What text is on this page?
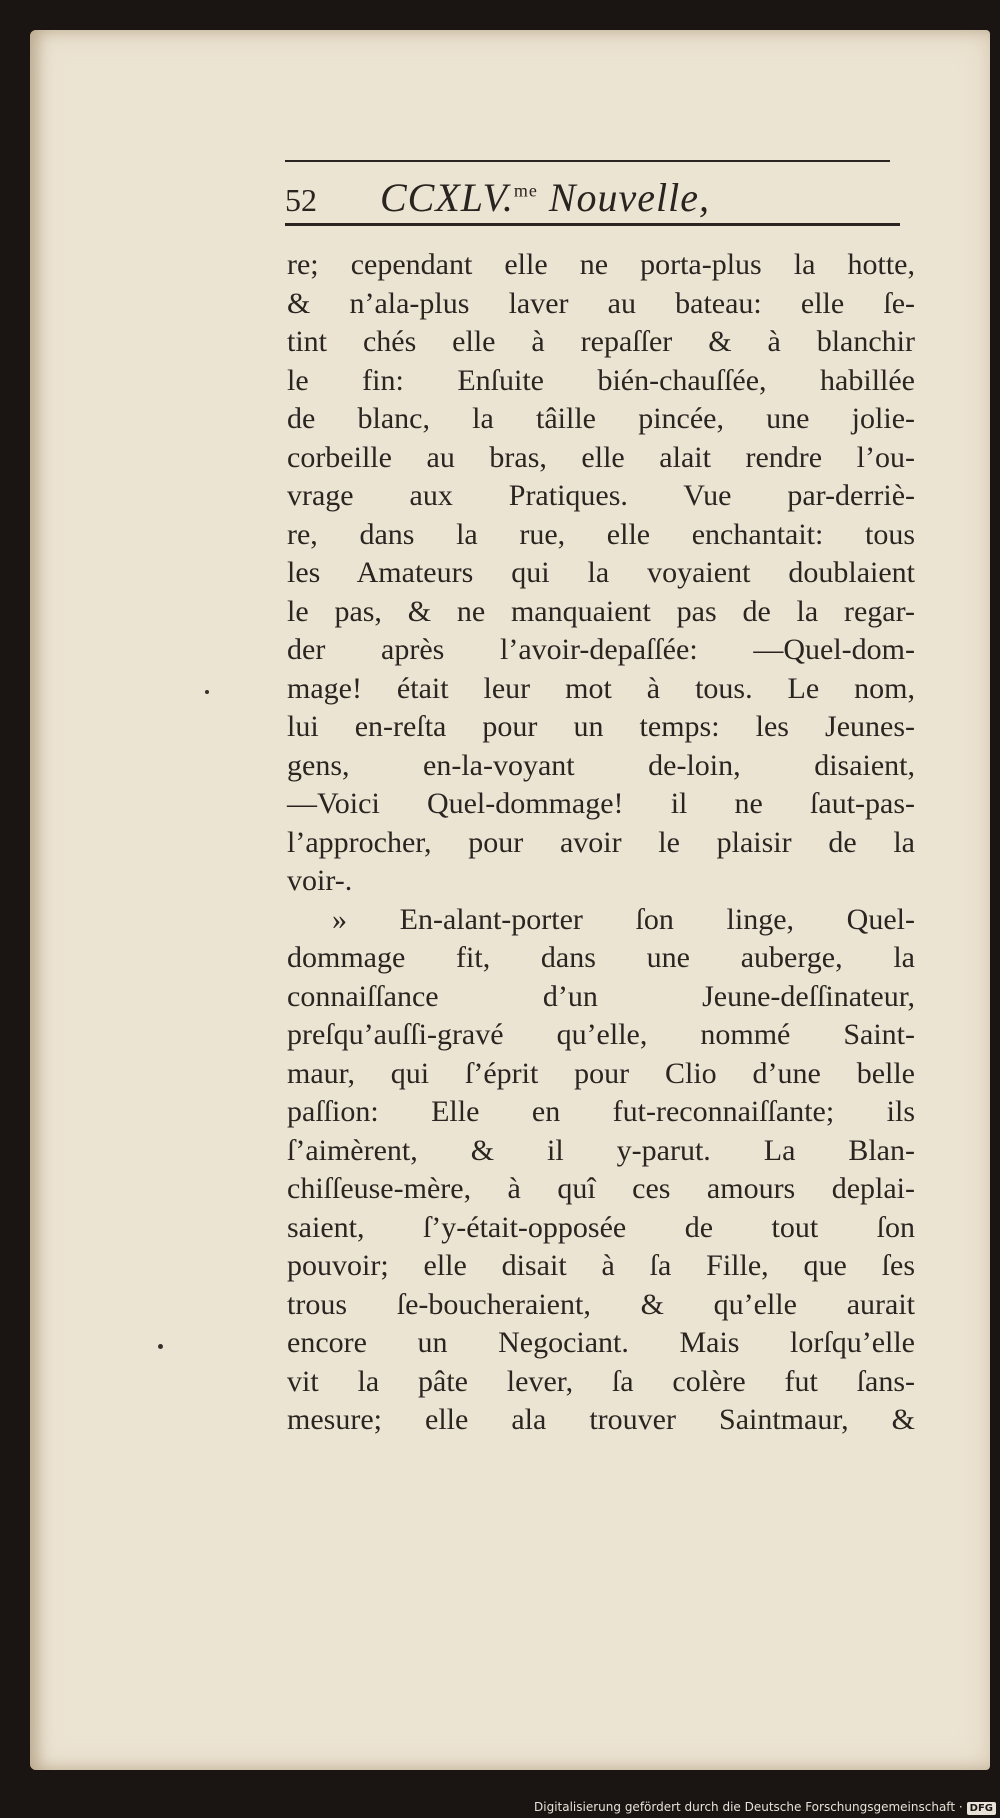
52 CCXLV.$^{me}$ Nouvelle,
re; cependant elle ne porta-plus la hotte,
& n’ala-plus laver au bateau: elle ſe-
tint chés elle à repaſſer & à blanchir
le fin: Enſuite bién-chauſſée, habillée
de blanc, la tâille pincée, une jolie-
corbeille au bras, elle alait rendre l’ou-
vrage aux Pratiques. Vue par-derriè-
re, dans la rue, elle enchantait: tous
les Amateurs qui la voyaient doublaient
le pas, & ne manquaient pas de la regar-
der après l’avoir-depaſſée: —Quel-dom-
mage! était leur mot à tous. Le nom,
lui en-reſta pour un temps: les Jeunes-
gens, en-la-voyant de-loin, disaient,
—Voici Quel-dommage! il ne ſaut-pas-
l’approcher, pour avoir le plaisir de la
voir-.
» En-alant-porter ſon linge, Quel-
dommage fit, dans une auberge, la
connaiſſance d’un Jeune-deſſinateur,
preſqu’auſſi-gravé qu’elle, nommé Saint-
maur, qui ſ’éprit pour Clio d’une belle
paſſion: Elle en fut-reconnaiſſante; ils
ſ’aimèrent, & il y-parut. La Blan-
chiſſeuse-mère, à quî ces amours deplai-
saient, ſ’y-était-opposée de tout ſon
pouvoir; elle disait à ſa Fille, que ſes
trous ſe-boucheraient, & qu’elle aurait
encore un Negociant. Mais lorſqu’elle
vit la pâte lever, ſa colère fut ſans-
mesure; elle ala trouver Saintmaur, &
Digitalisierung gefördert durch die Deutsche Forschungsgemeinschaft · DFG
